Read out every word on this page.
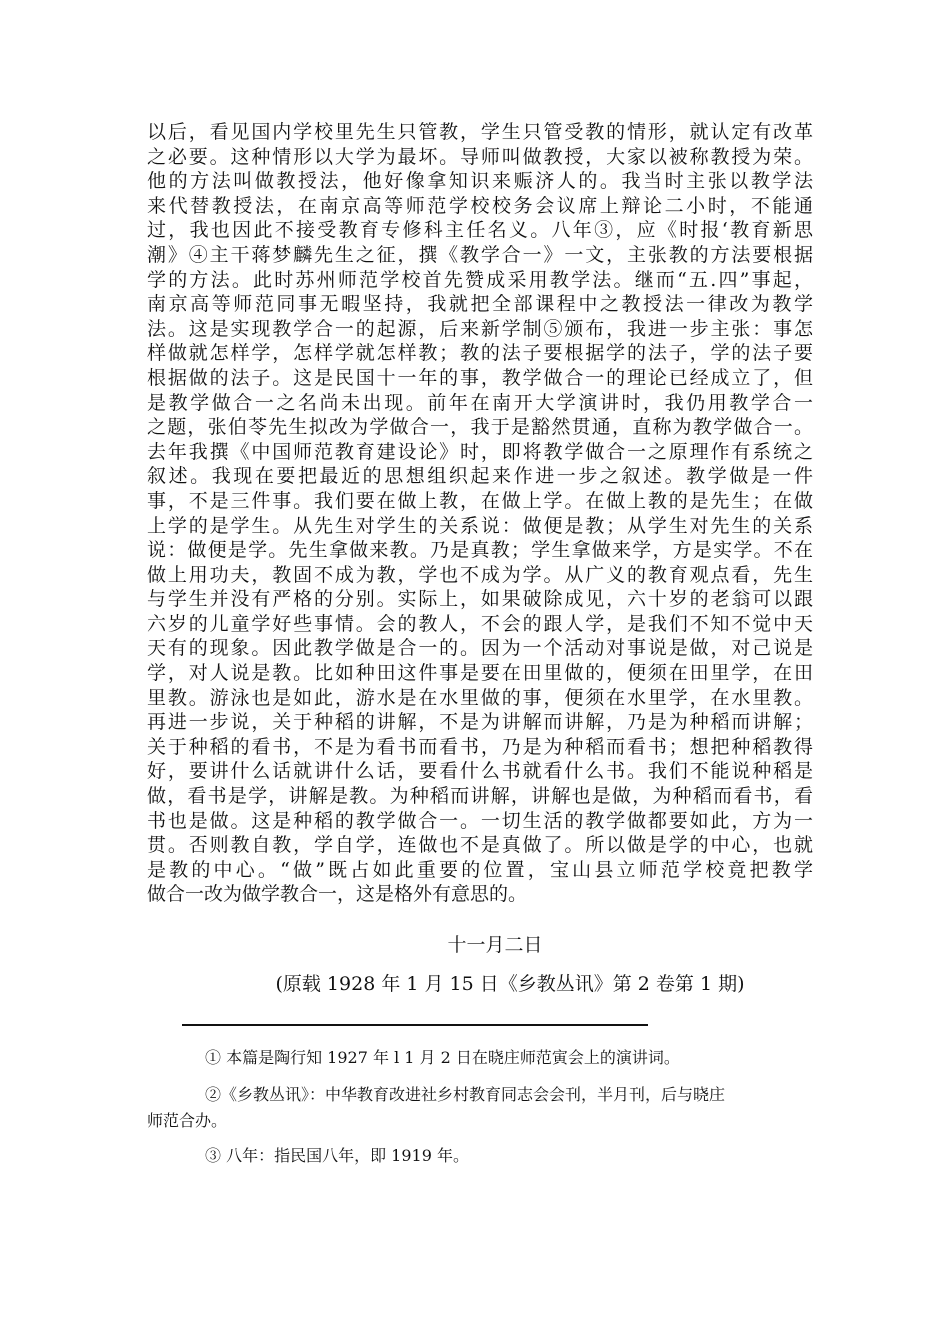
以后，看见国内学校里先生只管教，学生只管受教的情形，就认定有改革
之必要。这种情形以大学为最坏。导师叫做教授，大家以被称教授为荣。
他的方法叫做教授法，他好像拿知识来赈济人的。我当时主张以教学法
来代替教授法，在南京高等师范学校校务会议席上辩论二小时，不能通
过，我也因此不接受教育专修科主任名义。八年③，应《时报‘教育新思
潮》④主干蒋梦麟先生之征，撰《教学合一》一文，主张教的方法要根据
学的方法。此时苏州师范学校首先赞成采用教学法。继而“五.四”事起，
南京高等师范同事无暇坚持，我就把全部课程中之教授法一律改为教学
法。这是实现教学合一的起源，后来新学制⑤颁布，我进一步主张：事怎
样做就怎样学，怎样学就怎样教；教的法子要根据学的法子，学的法子要
根据做的法子。这是民国十一年的事，教学做合一的理论已经成立了，但
是教学做合一之名尚未出现。前年在南开大学演讲时，我仍用教学合一
之题，张伯苓先生拟改为学做合一，我于是豁然贯通，直称为教学做合一。
去年我撰《中国师范教育建设论》时，即将教学做合一之原理作有系统之
叙述。我现在要把最近的思想组织起来作进一步之叙述。教学做是一件
事，不是三件事。我们要在做上教，在做上学。在做上教的是先生；在做
上学的是学生。从先生对学生的关系说：做便是教；从学生对先生的关系
说：做便是学。先生拿做来教。乃是真教；学生拿做来学，方是实学。不在
做上用功夫，教固不成为教，学也不成为学。从广义的教育观点看，先生
与学生并没有严格的分别。实际上，如果破除成见，六十岁的老翁可以跟
六岁的儿童学好些事情。会的教人，不会的跟人学，是我们不知不觉中天
天有的现象。因此教学做是合一的。因为一个活动对事说是做，对己说是
学，对人说是教。比如种田这件事是要在田里做的，便须在田里学，在田
里教。游泳也是如此，游水是在水里做的事，便须在水里学，在水里教。
再进一步说，关于种稻的讲解，不是为讲解而讲解，乃是为种稻而讲解；
关于种稻的看书，不是为看书而看书，乃是为种稻而看书；想把种稻教得
好，要讲什么话就讲什么话，要看什么书就看什么书。我们不能说种稻是
做，看书是学，讲解是教。为种稻而讲解，讲解也是做，为种稻而看书，看
书也是做。这是种稻的教学做合一。一切生活的教学做都要如此，方为一
贯。否则教自教，学自学，连做也不是真做了。所以做是学的中心，也就
是教的中心。“做”既占如此重要的位置，宝山县立师范学校竟把教学
做合一改为做学教合一，这是格外有意思的。
十一月二日
(原载 1928 年 1 月 15 日《乡教丛讯》第 2 卷第 1 期)
① 本篇是陶行知 1927 年 l 1 月 2 日在晓庄师范寅会上的演讲词。
②《乡教丛讯》：中华教育改进社乡村教育同志会会刊，半月刊，后与晓庄
师范合办。
③ 八年：指民国八年，即 1919 年。
